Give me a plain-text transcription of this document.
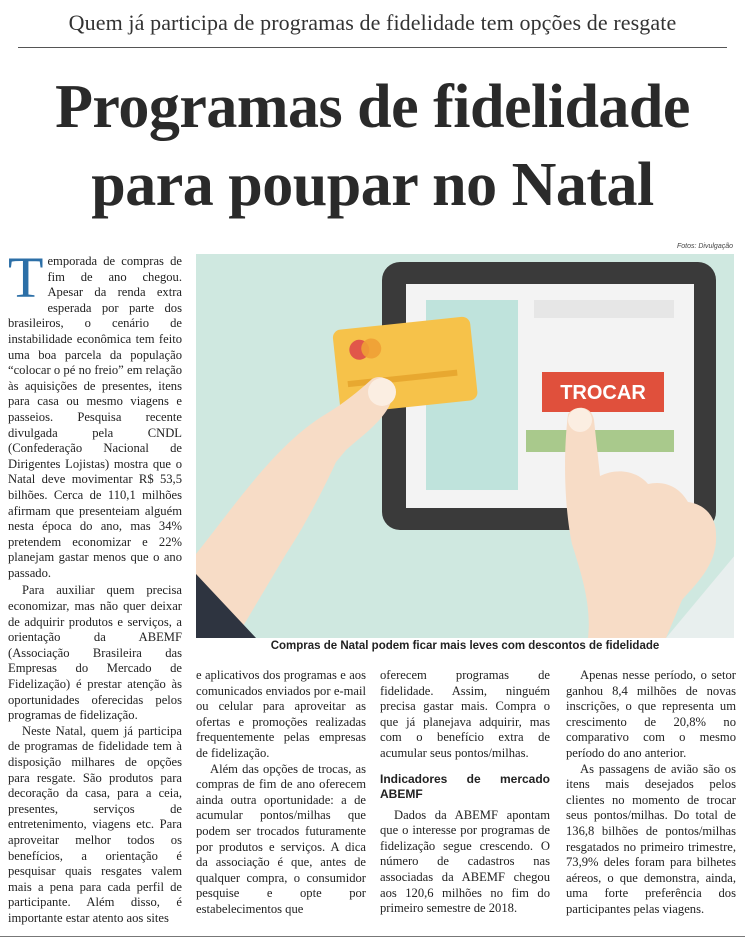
Quem já participa de programas de fidelidade tem opções de resgate
Programas de fidelidade
para poupar no Natal
Fotos: Divulgação
TROCAR
Compras de Natal podem ficar mais leves com descontos de fidelidade

Temporada de compras de fim de ano chegou. Apesar da renda extra esperada por parte dos brasileiros, o cenário de instabilidade econômica tem feito uma boa parcela da população “colocar o pé no freio” em relação às aquisições de presentes, itens para casa ou mesmo viagens e passeios. Pesquisa recente divulgada pela CNDL (Confederação Nacional de Dirigentes Lojistas) mostra que o Natal deve movimentar R$ 53,5 bilhões. Cerca de 110,1 milhões afirmam que presenteiam alguém nesta época do ano, mas 34% pretendem economizar e 22% planejam gastar menos que o ano passado.

Para auxiliar quem precisa economizar, mas não quer deixar de adquirir produtos e serviços, a orientação da ABEMF (Associação Brasileira das Empresas do Mercado de Fidelização) é prestar atenção às oportunidades oferecidas pelos programas de fidelização.

Neste Natal, quem já participa de programas de fidelidade tem à disposição milhares de opções para resgate. São produtos para decoração da casa, para a ceia, presentes, serviços de entretenimento, viagens etc. Para aproveitar melhor todos os benefícios, a orientação é pesquisar quais resgates valem mais a pena para cada perfil de participante. Além disso, é importante estar atento aos sites

e aplicativos dos programas e aos comunicados enviados por e-mail ou celular para aproveitar as ofertas e promoções realizadas frequentemente pelas empresas de fidelização.

Além das opções de trocas, as compras de fim de ano oferecem ainda outra oportunidade: a de acumular pontos/milhas que podem ser trocados futuramente por produtos e serviços. A dica da associação é que, antes de qualquer compra, o consumidor pesquise e opte por estabelecimentos que

oferecem programas de fidelidade. Assim, ninguém precisa gastar mais. Compra o que já planejava adquirir, mas com o benefício extra de acumular seus pontos/milhas.

Indicadores de mercado ABEMF

Dados da ABEMF apontam que o interesse por programas de fidelização segue crescendo. O número de cadastros nas associadas da ABEMF chegou aos 120,6 milhões no fim do primeiro semestre de 2018.

Apenas nesse período, o setor ganhou 8,4 milhões de novas inscrições, o que representa um crescimento de 20,8% no comparativo com o mesmo período do ano anterior.

As passagens de avião são os itens mais desejados pelos clientes no momento de trocar seus pontos/milhas. Do total de 136,8 bilhões de pontos/milhas resgatados no primeiro trimestre, 73,9% deles foram para bilhetes aéreos, o que demonstra, ainda, uma forte preferência dos participantes pelas viagens.
